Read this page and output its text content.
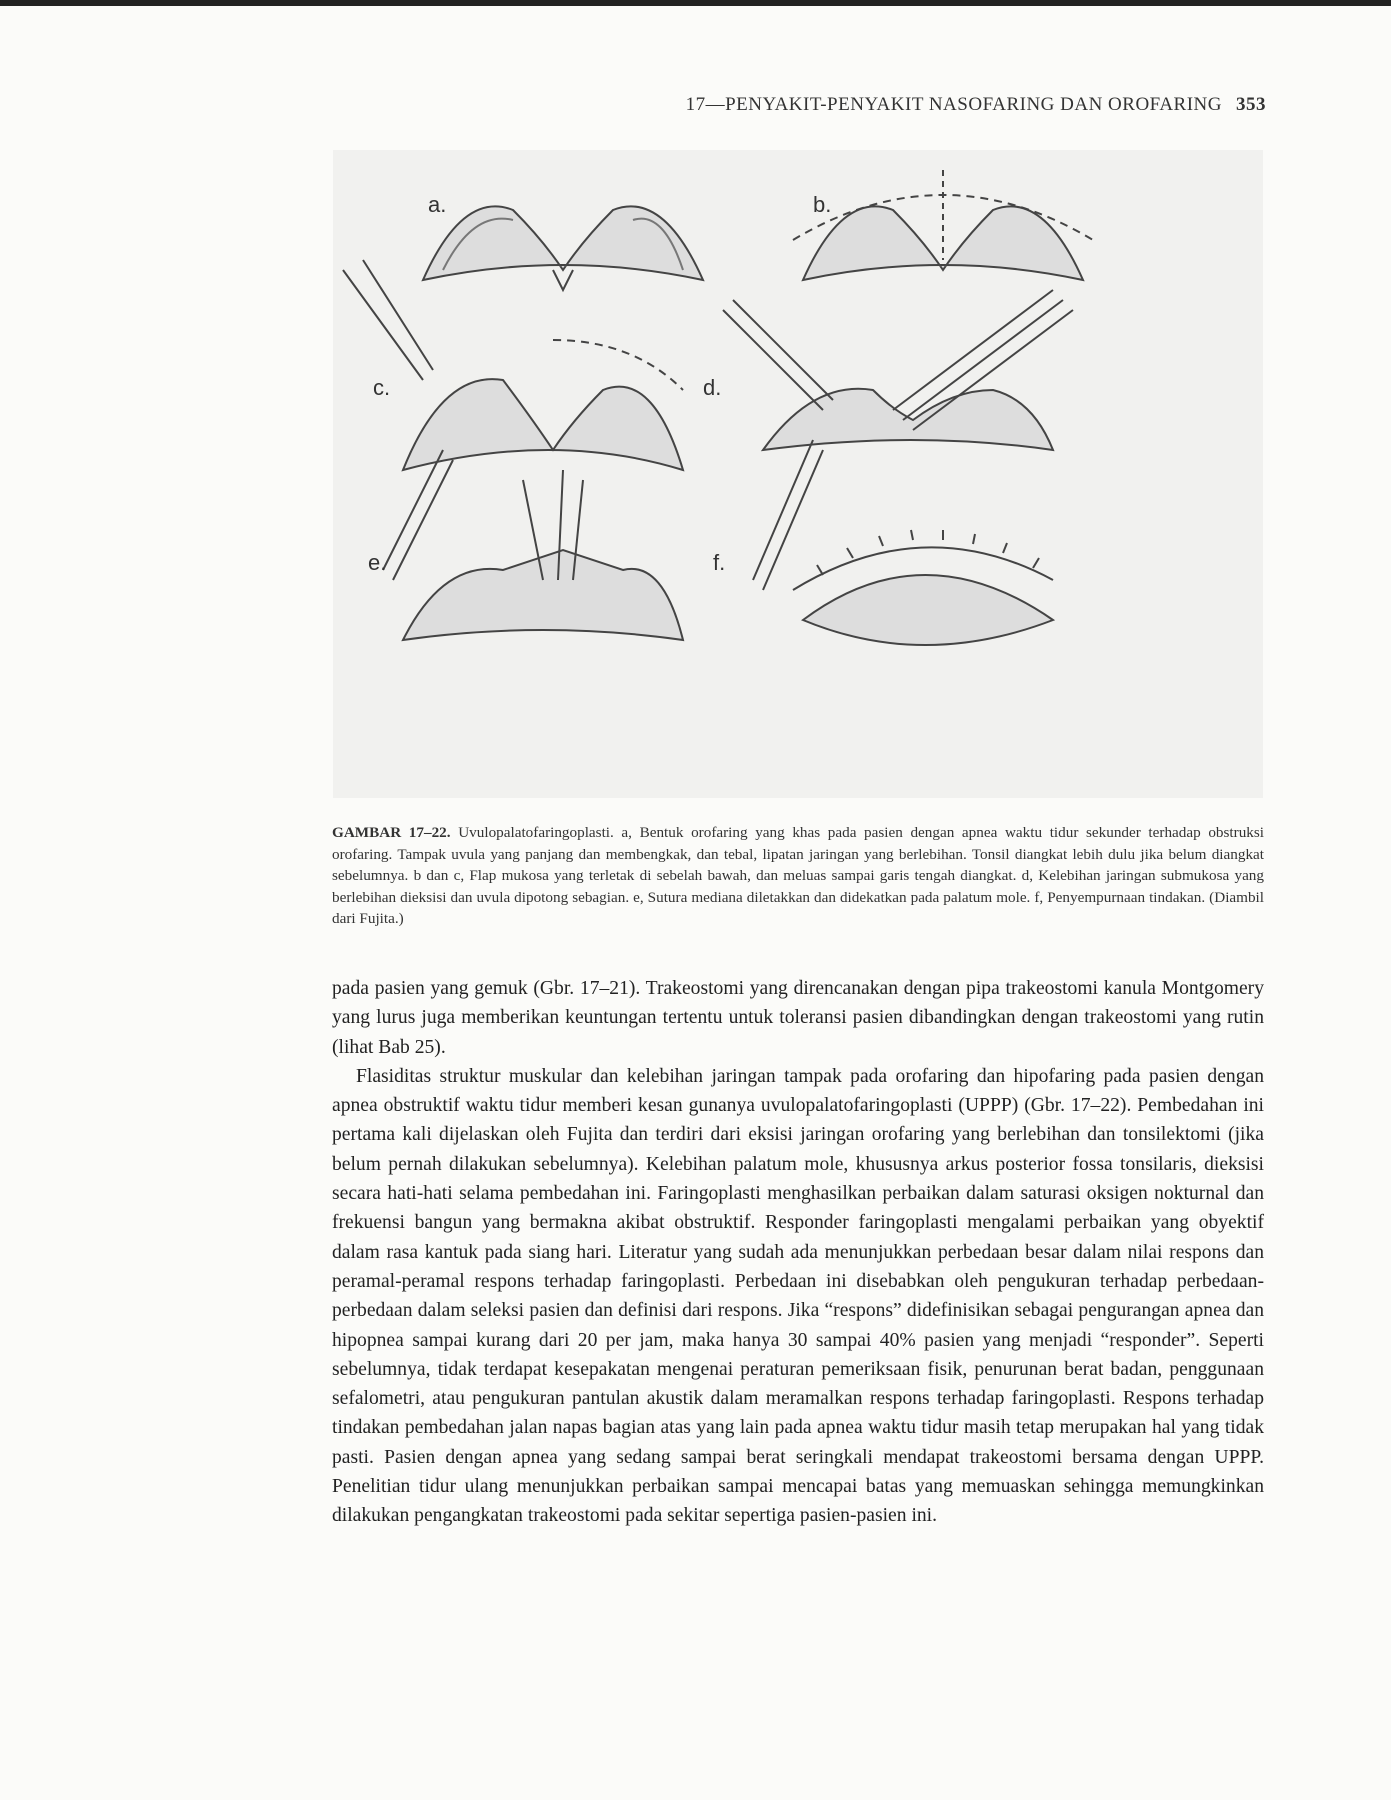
17—PENYAKIT-PENYAKIT NASOFARING DAN OROFARING 353
a.	b.
c.	d.
e.	f.
GAMBAR 17–22. Uvulopalatofaringoplasti. a, Bentuk orofaring yang khas pada pasien dengan apnea waktu tidur sekunder terhadap obstruksi orofaring. Tampak uvula yang panjang dan membengkak, dan tebal, lipatan jaringan yang berlebihan. Tonsil diangkat lebih dulu jika belum diangkat sebelumnya. b dan c, Flap mukosa yang terletak di sebelah bawah, dan meluas sampai garis tengah diangkat. d, Kelebihan jaringan submukosa yang berlebihan dieksisi dan uvula dipotong sebagian. e, Sutura mediana diletakkan dan didekatkan pada palatum mole. f, Penyempurnaan tindakan. (Diambil dari Fujita.)

pada pasien yang gemuk (Gbr. 17–21). Trakeostomi yang direncanakan dengan pipa trakeostomi kanula Montgomery yang lurus juga memberikan keuntungan tertentu untuk toleransi pasien dibandingkan dengan trakeostomi yang rutin (lihat Bab 25).

Flasiditas struktur muskular dan kelebihan jaringan tampak pada orofaring dan hipofaring pada pasien dengan apnea obstruktif waktu tidur memberi kesan gunanya uvulopalatofaringoplasti (UPPP) (Gbr. 17–22). Pembedahan ini pertama kali dijelaskan oleh Fujita dan terdiri dari eksisi jaringan orofaring yang berlebihan dan tonsilektomi (jika belum pernah dilakukan sebelumnya). Kelebihan palatum mole, khususnya arkus posterior fossa tonsilaris, dieksisi secara hati-hati selama pembedahan ini. Faringoplasti menghasilkan perbaikan dalam saturasi oksigen nokturnal dan frekuensi bangun yang bermakna akibat obstruktif. Responder faringoplasti mengalami perbaikan yang obyektif dalam rasa kantuk pada siang hari. Literatur yang sudah ada menunjukkan perbedaan besar dalam nilai respons dan peramal-peramal respons terhadap faringoplasti. Perbedaan ini disebabkan oleh pengukuran terhadap perbedaan-perbedaan dalam seleksi pasien dan definisi dari respons. Jika “respons” didefinisikan sebagai pengurangan apnea dan hipopnea sampai kurang dari 20 per jam, maka hanya 30 sampai 40% pasien yang menjadi “responder”. Seperti sebelumnya, tidak terdapat kesepakatan mengenai peraturan pemeriksaan fisik, penurunan berat badan, penggunaan sefalometri, atau pengukuran pantulan akustik dalam meramalkan respons terhadap faringoplasti. Respons terhadap tindakan pembedahan jalan napas bagian atas yang lain pada apnea waktu tidur masih tetap merupakan hal yang tidak pasti. Pasien dengan apnea yang sedang sampai berat seringkali mendapat trakeostomi bersama dengan UPPP. Penelitian tidur ulang menunjukkan perbaikan sampai mencapai batas yang memuaskan sehingga memungkinkan dilakukan pengangkatan trakeostomi pada sekitar sepertiga pasien-pasien ini.
